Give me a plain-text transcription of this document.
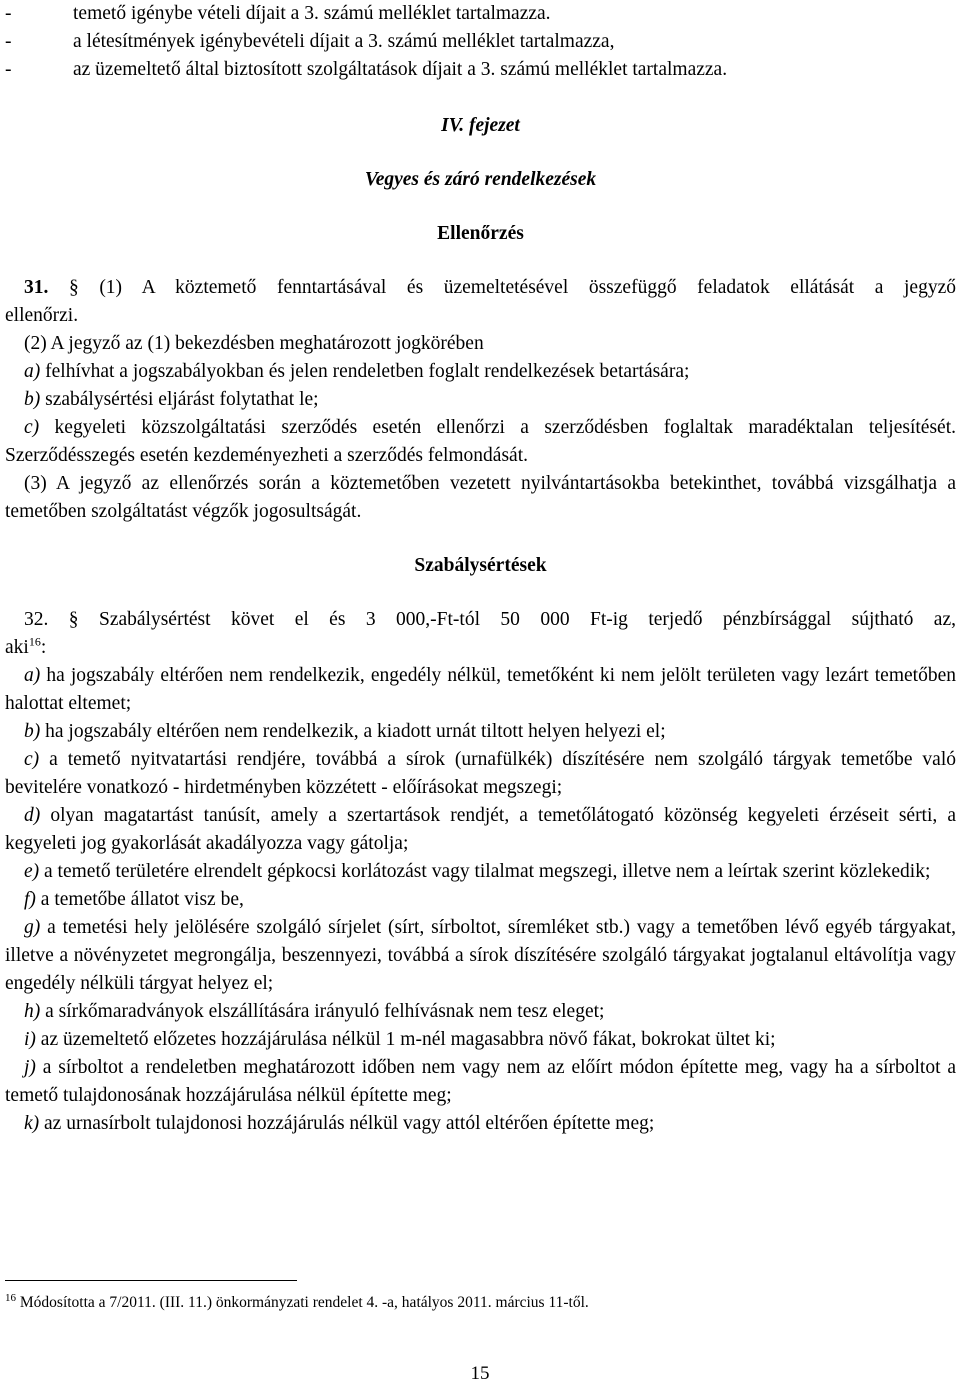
-	temető igénybe vételi díjait a 3. számú melléklet tartalmazza.
-	a létesítmények igénybevételi díjait a 3. számú melléklet tartalmazza,
-	az üzemeltető által biztosított szolgáltatások díjait a 3. számú melléklet tartalmazza.
IV. fejezet
Vegyes és záró rendelkezések
Ellenőrzés

31. § (1) A köztemető fenntartásával és üzemeltetésével összefüggő feladatok ellátását a jegyző

ellenőrzi.

(2) A jegyző az (1) bekezdésben meghatározott jogkörében

a) felhívhat a jogszabályokban és jelen rendeletben foglalt rendelkezések betartására;

b) szabálysértési eljárást folytathat le;

c) kegyeleti közszolgáltatási szerződés esetén ellenőrzi a szerződésben foglaltak maradéktalan teljesítését. Szerződésszegés esetén kezdeményezheti a szerződés felmondását.

(3) A jegyző az ellenőrzés során a köztemetőben vezetett nyilvántartásokba betekinthet, továbbá vizsgálhatja a temetőben szolgáltatást végzők jogosultságát.

Szabálysértések

32. § Szabálysértést követ el és 3 000,-Ft-tól 50 000 Ft-ig terjedő pénzbírsággal sújtható az,

aki$^{16}$:

a) ha jogszabály eltérően nem rendelkezik, engedély nélkül, temetőként ki nem jelölt területen vagy lezárt temetőben halottat eltemet;

b) ha jogszabály eltérően nem rendelkezik, a kiadott urnát tiltott helyen helyezi el;

c) a temető nyitvatartási rendjére, továbbá a sírok (urnafülkék) díszítésére nem szolgáló tárgyak temetőbe való bevitelére vonatkozó - hirdetményben közzétett - előírásokat megszegi;

d) olyan magatartást tanúsít, amely a szertartások rendjét, a temetőlátogató közönség kegyeleti érzéseit sérti, a kegyeleti jog gyakorlását akadályozza vagy gátolja;

e) a temető területére elrendelt gépkocsi korlátozást vagy tilalmat megszegi, illetve nem a leírtak szerint közlekedik;

f) a temetőbe állatot visz be,

g) a temetési hely jelölésére szolgáló sírjelet (sírt, sírboltot, síremléket stb.) vagy a temetőben lévő egyéb tárgyakat, illetve a növényzetet megrongálja, beszennyezi, továbbá a sírok díszítésére szolgáló tárgyakat jogtalanul eltávolítja vagy engedély nélküli tárgyat helyez el;

h) a sírkőmaradványok elszállítására irányuló felhívásnak nem tesz eleget;

i) az üzemeltető előzetes hozzájárulása nélkül 1 m-nél magasabbra növő fákat, bokrokat ültet ki;

j) a sírboltot a rendeletben meghatározott időben nem vagy nem az előírt módon építette meg, vagy ha a sírboltot a temető tulajdonosának hozzájárulása nélkül építette meg;

k) az urnasírbolt tulajdonosi hozzájárulás nélkül vagy attól eltérően építette meg;

$^{16}$ Módosította a 7/2011. (III. 11.) önkormányzati rendelet 4. -a, hatályos 2011. március 11-től.
15
